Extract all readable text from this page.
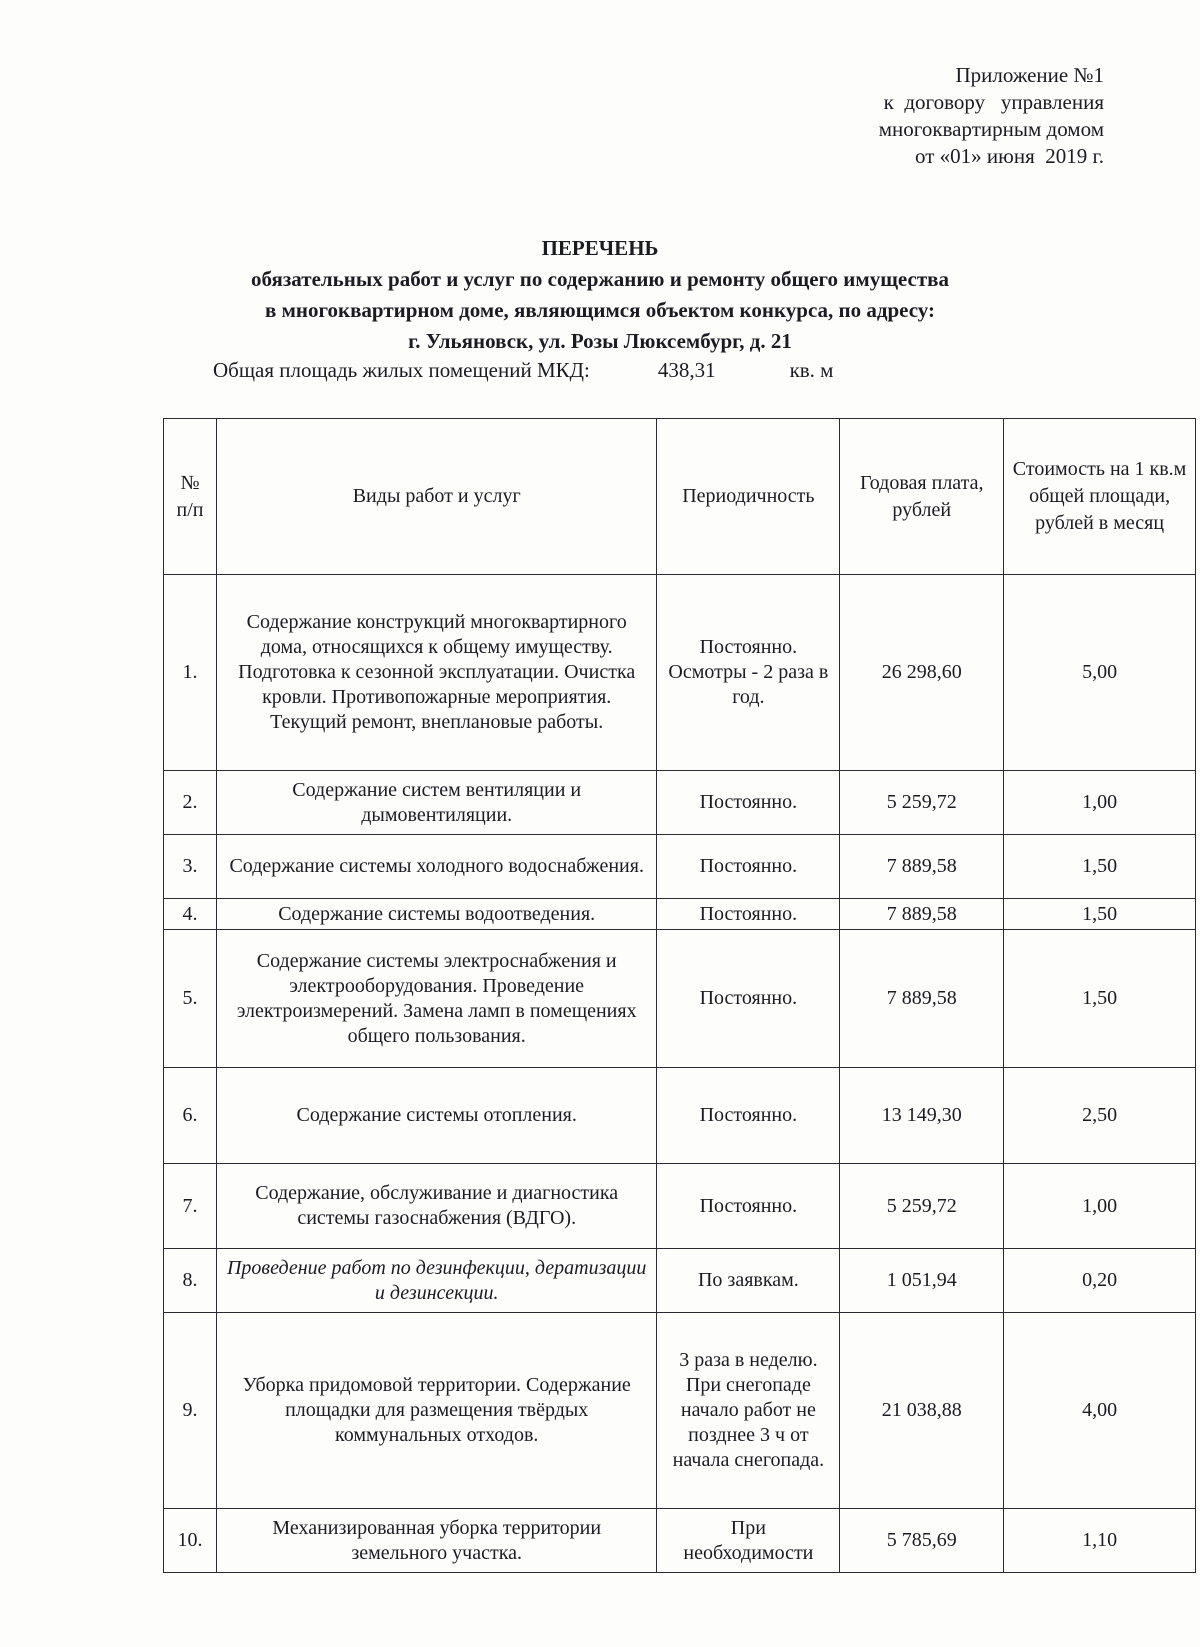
Приложение №1
к  договору   управления
многоквартирным домом
от «01» июня  2019 г.
ПЕРЕЧЕНЬ
обязательных работ и услуг по содержанию и ремонту общего имущества
в многоквартирном доме, являющимся объектом конкурса, по адресу:
г. Ульяновск, ул. Розы Люксембург, д. 21
Общая площадь жилых помещений МКД:	438,31	кв. м
№ п/п	Виды работ и услуг	Периодичность	Годовая плата, рублей	Стоимость на 1 кв.м общей площади, рублей в месяц
1.	Содержание конструкций многоквартирного дома, относящихся к общему имуществу. Подготовка к сезонной эксплуатации. Очистка кровли. Противопожарные мероприятия. Текущий ремонт, внеплановые работы.	Постоянно. Осмотры - 2 раза в год.	26 298,60	5,00
2.	Содержание систем вентиляции и дымовентиляции.	Постоянно.	5 259,72	1,00
3.	Содержание системы холодного водоснабжения.	Постоянно.	7 889,58	1,50
4.	Содержание системы водоотведения.	Постоянно.	7 889,58	1,50
5.	Содержание системы электроснабжения и электрооборудования. Проведение электроизмерений. Замена ламп в помещениях общего пользования.	Постоянно.	7 889,58	1,50
6.	Содержание системы отопления.	Постоянно.	13 149,30	2,50
7.	Содержание, обслуживание и диагностика системы газоснабжения (ВДГО).	Постоянно.	5 259,72	1,00
8.	Проведение работ по дезинфекции, дератизации и дезинсекции.	По заявкам.	1 051,94	0,20
9.	Уборка придомовой территории. Содержание площадки для размещения твёрдых коммунальных отходов.	3 раза в неделю. При снегопаде начало работ не позднее 3 ч от начала снегопада.	21 038,88	4,00
10.	Механизированная уборка территории земельного участка.	При необходимости	5 785,69	1,10
